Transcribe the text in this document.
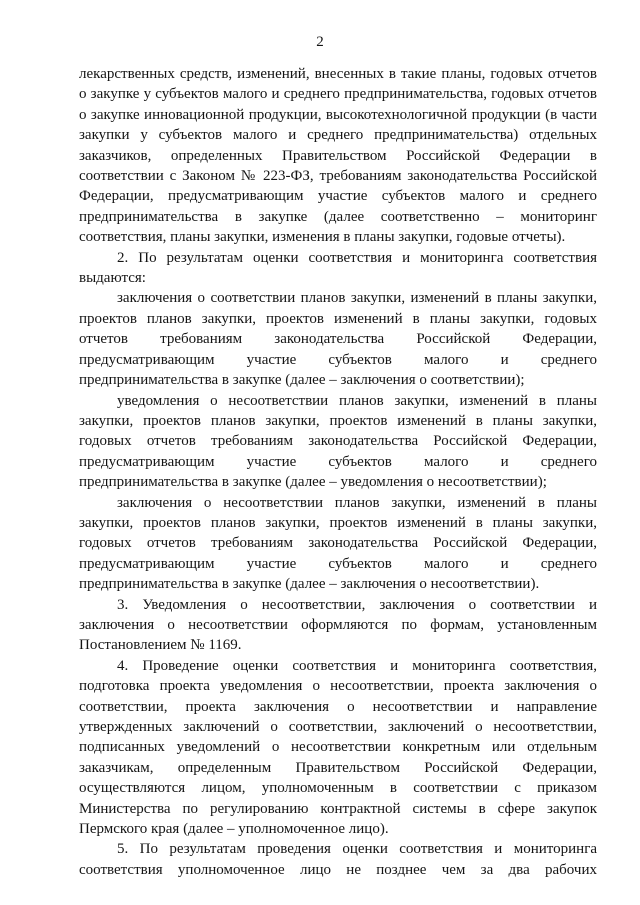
2

лекарственных средств, изменений, внесенных в такие планы, годовых отчетов о закупке у субъектов малого и среднего предпринимательства, годовых отчетов о закупке инновационной продукции, высокотехнологичной продукции (в части закупки у субъектов малого и среднего предпринимательства) отдельных заказчиков, определенных Правительством Российской Федерации в соответствии с Законом № 223-ФЗ, требованиям законодательства Российской Федерации, предусматривающим участие субъектов малого и среднего предпринимательства в закупке (далее соответственно – мониторинг соответствия, планы закупки, изменения в планы закупки, годовые отчеты).

2. По результатам оценки соответствия и мониторинга соответствия выдаются:

заключения о соответствии планов закупки, изменений в планы закупки, проектов планов закупки, проектов изменений в планы закупки, годовых отчетов требованиям законодательства Российской Федерации, предусматривающим участие субъектов малого и среднего предпринимательства в закупке (далее – заключения о соответствии);

уведомления о несоответствии планов закупки, изменений в планы закупки, проектов планов закупки, проектов изменений в планы закупки, годовых отчетов требованиям законодательства Российской Федерации, предусматривающим участие субъектов малого и среднего предпринимательства в закупке (далее – уведомления о несоответствии);

заключения о несоответствии планов закупки, изменений в планы закупки, проектов планов закупки, проектов изменений в планы закупки, годовых отчетов требованиям законодательства Российской Федерации, предусматривающим участие субъектов малого и среднего предпринимательства в закупке (далее – заключения о несоответствии).

3. Уведомления о несоответствии, заключения о соответствии и заключения о несоответствии оформляются по формам, установленным Постановлением № 1169.

4. Проведение оценки соответствия и мониторинга соответствия, подготовка проекта уведомления о несоответствии, проекта заключения о соответствии, проекта заключения о несоответствии и направление утвержденных заключений о соответствии, заключений о несоответствии, подписанных уведомлений о несоответствии конкретным или отдельным заказчикам, определенным Правительством Российской Федерации, осуществляются лицом, уполномоченным в соответствии с приказом Министерства по регулированию контрактной системы в сфере закупок Пермского края (далее – уполномоченное лицо).

5. По результатам проведения оценки соответствия и мониторинга соответствия уполномоченное лицо не позднее чем за два рабочих
